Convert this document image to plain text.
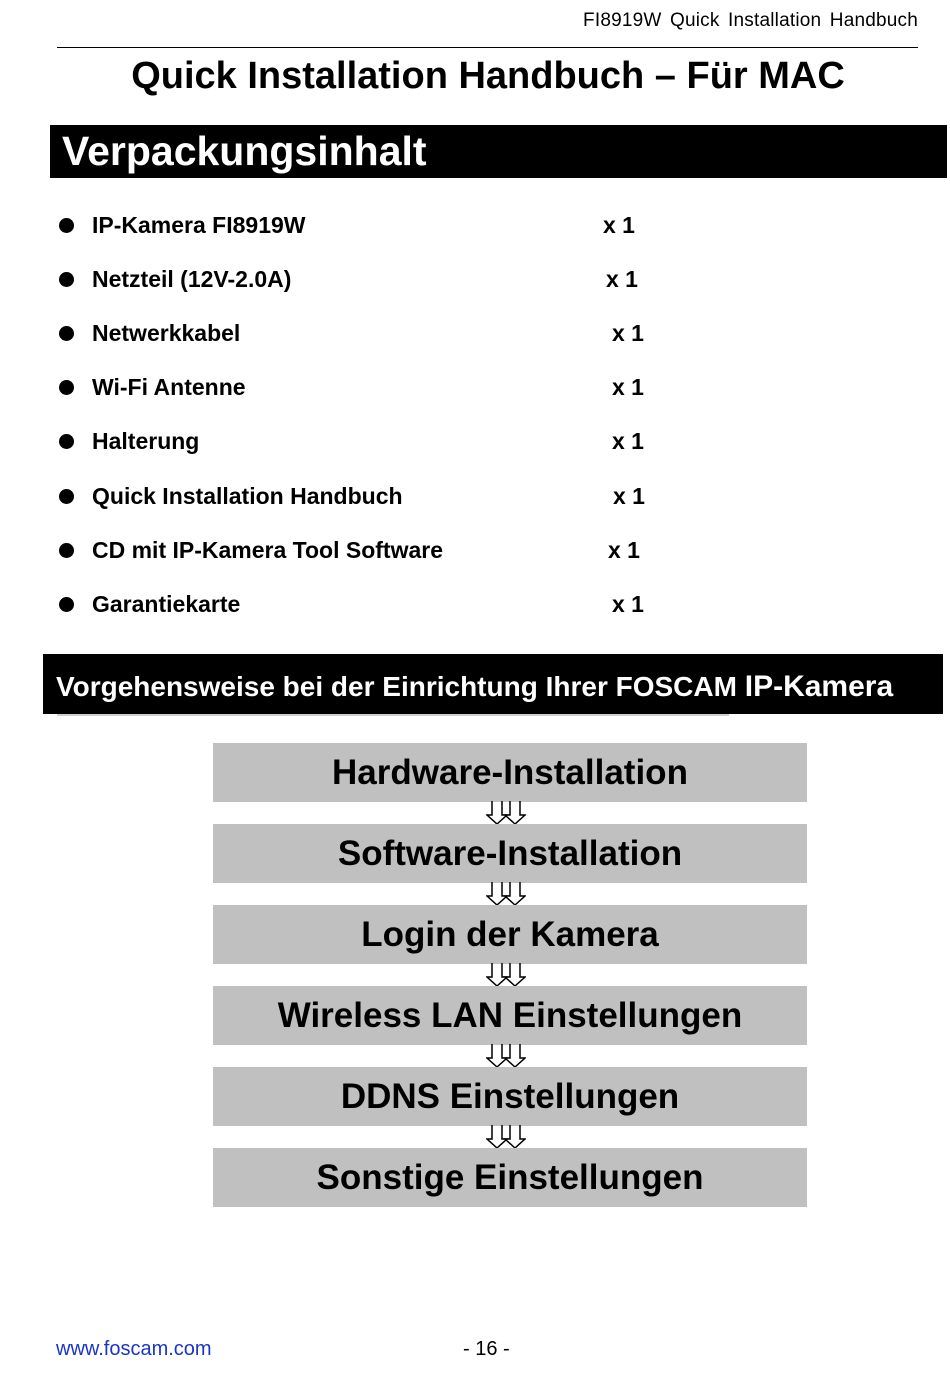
FI8919W Quick Installation Handbuch
Quick Installation Handbuch – Für MAC
Verpackungsinhalt
IP-Kamera FI8919W	x 1
Netzteil (12V-2.0A)	x 1
Netwerkkabel	x 1
Wi-Fi Antenne	x 1
Halterung	x 1
Quick Installation Handbuch	x 1
CD mit IP-Kamera Tool Software	x 1
Garantiekarte	x 1
Vorgehensweise bei der Einrichtung Ihrer FOSCAM IP-Kamera
Hardware-Installation
Software-Installation
Login der Kamera
Wireless LAN Einstellungen
DDNS Einstellungen
Sonstige Einstellungen
www.foscam.com	- 16 -
